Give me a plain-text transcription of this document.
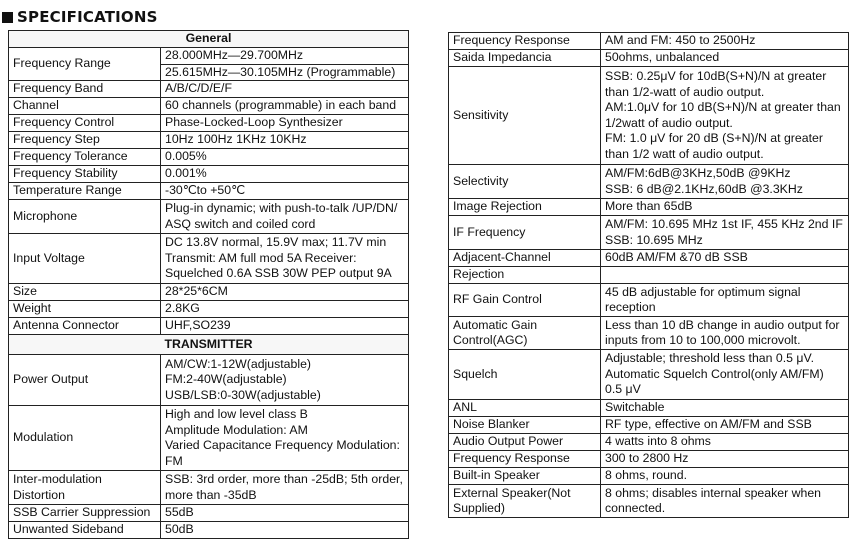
SPECIFICATIONS
General	
Frequency Range	28.000MHz—29.700MHz
25.615MHz—30.105MHz (Programmable)

Frequency Band	A/B/C/D/E/F

Channel	60 channels (programmable) in each band

Frequency Control	Phase-Locked-Loop Synthesizer

Frequency Step	10Hz 100Hz 1KHz 10KHz

Frequency Tolerance	0.005%

Frequency Stability	0.001%

Temperature Range	-30℃to +50℃

Microphone	Plug-in dynamic; with push-to-talk /UP/DN/ ASQ switch and coiled cord

Input Voltage	DC 13.8V normal, 15.9V max; 11.7V min Transmit: AM full mod 5A Receiver: Squelched 0.6A SSB 30W PEP output 9A

Size	28*25*6CM

Weight	2.8KG

Antenna Connector	UHF,SO239

TRANSMITTER	
Power Output	AM/CW:1-12W(adjustable)
FM:2-40W(adjustable)
USB/LSB:0-30W(adjustable)

Modulation	High and low level class B
Amplitude Modulation: AM
Varied Capacitance Frequency Modulation: FM

Inter-modulation Distortion	SSB: 3rd order, more than -25dB; 5th order, more than -35dB

SSB Carrier Suppression	55dB

Unwanted Sideband	50dB
Frequency Response	AM and FM: 450 to 2500Hz

Saida Impedancia	50ohms, unbalanced

Sensitivity	SSB: 0.25μV for 10dB(S+N)/N at greater than 1/2-watt of audio output.
AM:1.0μV for 10 dB(S+N)/N at greater than 1/2watt of audio output.
FM: 1.0 μV for 20 dB (S+N)/N at greater than 1/2 watt of audio output.

Selectivity	AM/FM:6dB@3KHz,50dB @9KHz
SSB: 6 dB@2.1KHz,60dB @3.3KHz

Image Rejection	More than 65dB

IF Frequency	AM/FM: 10.695 MHz 1st IF, 455 KHz 2nd IF
SSB: 10.695 MHz

Adjacent-Channel	60dB AM/FM &70 dB SSB

Rejection	

RF Gain Control	45 dB adjustable for optimum signal reception

Automatic Gain Control(AGC)	Less than 10 dB change in audio output for inputs from 10 to 100,000 microvolt.

Squelch	Adjustable; threshold less than 0.5 μV.
Automatic Squelch Control(only AM/FM) 0.5 μV

ANL	Switchable

Noise Blanker	RF type, effective on AM/FM and SSB

Audio Output Power	4 watts into 8 ohms

Frequency Response	300 to 2800 Hz

Built-in Speaker	8 ohms, round.

External Speaker(Not Supplied)	8 ohms; disables internal speaker when connected.
